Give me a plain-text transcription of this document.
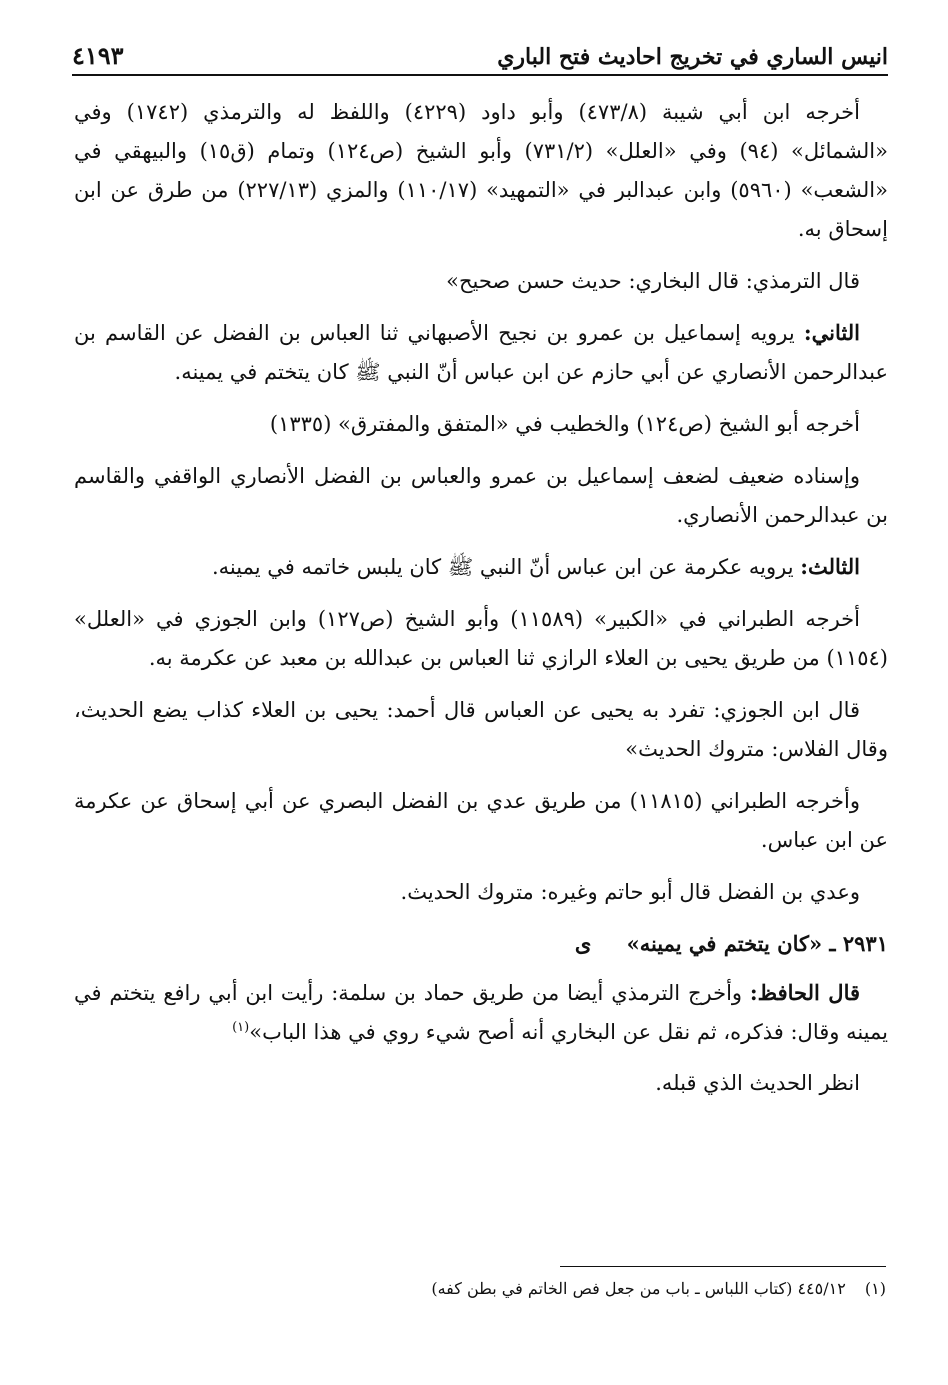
انيس الساري في تخريج احاديث فتح الباري
٤١٩٣

أخرجه ابن أبي شيبة (٤٧٣/٨) وأبو داود (٤٢٢٩) واللفظ له والترمذي (١٧٤٢) وفي «الشمائل» (٩٤) وفي «العلل» (٧٣١/٢) وأبو الشيخ (ص١٢٤) وتمام (ق١٥) والبيهقي في «الشعب» (٥٩٦٠) وابن عبدالبر في «التمهيد» (١١٠/١٧) والمزي (٢٢٧/١٣) من طرق عن ابن إسحاق به.

قال الترمذي: قال البخاري: حديث حسن صحيح»

الثاني: يرويه إسماعيل بن عمرو بن نجيح الأصبهاني ثنا العباس بن الفضل عن القاسم بن عبدالرحمن الأنصاري عن أبي حازم عن ابن عباس أنّ النبي ﷺ كان يتختم في يمينه.

أخرجه أبو الشيخ (ص١٢٤) والخطيب في «المتفق والمفترق» (١٣٣٥)

وإسناده ضعيف لضعف إسماعيل بن عمرو والعباس بن الفضل الأنصاري الواقفي والقاسم بن عبدالرحمن الأنصاري.

الثالث: يرويه عكرمة عن ابن عباس أنّ النبي ﷺ كان يلبس خاتمه في يمينه.

أخرجه الطبراني في «الكبير» (١١٥٨٩) وأبو الشيخ (ص١٢٧) وابن الجوزي في «العلل» (١١٥٤) من طريق يحيى بن العلاء الرازي ثنا العباس بن عبدالله بن معبد عن عكرمة به.

قال ابن الجوزي: تفرد به يحيى عن العباس قال أحمد: يحيى بن العلاء كذاب يضع الحديث، وقال الفلاس: متروك الحديث»

وأخرجه الطبراني (١١٨١٥) من طريق عدي بن الفضل البصري عن أبي إسحاق عن عكرمة عن ابن عباس.

وعدي بن الفضل قال أبو حاتم وغيره: متروك الحديث.

٢٩٣١ ـ «كان يتختم في يمينه» ﻯ

قال الحافظ: وأخرج الترمذي أيضا من طريق حماد بن سلمة: رأيت ابن أبي رافع يتختم في يمينه وقال: فذكره، ثم نقل عن البخاري أنه أصح شيء روي في هذا الباب»$^{(١)}$

انظر الحديث الذي قبله.

(١) ٤٤٥/١٢ (كتاب اللباس ـ باب من جعل فص الخاتم في بطن كفه)
